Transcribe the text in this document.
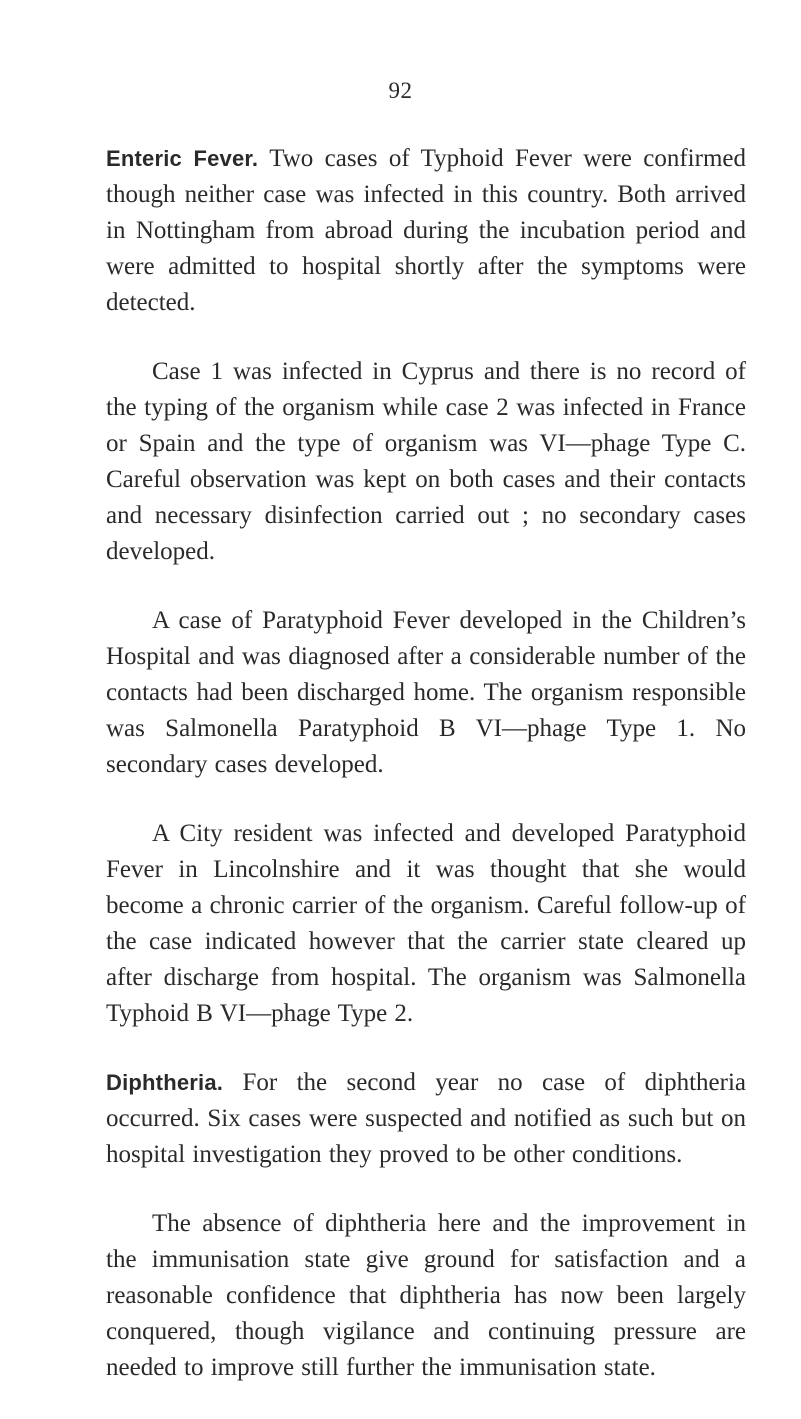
92

Enteric Fever. Two cases of Typhoid Fever were confirmed though neither case was infected in this country. Both arrived in Nottingham from abroad during the incubation period and were admitted to hospital shortly after the symptoms were detected.

Case 1 was infected in Cyprus and there is no record of the typing of the organism while case 2 was infected in France or Spain and the type of organism was VI—phage Type C. Careful observation was kept on both cases and their contacts and necessary disinfection carried out ; no secondary cases developed.

A case of Paratyphoid Fever developed in the Children’s Hospital and was diagnosed after a considerable number of the contacts had been discharged home. The organism responsible was Salmonella Paratyphoid B VI—phage Type 1. No secondary cases developed.

A City resident was infected and developed Paratyphoid Fever in Lincolnshire and it was thought that she would become a chronic carrier of the organism. Careful follow-up of the case indicated however that the carrier state cleared up after discharge from hospital. The organism was Salmonella Typhoid B VI—phage Type 2.

Diphtheria. For the second year no case of diphtheria occurred. Six cases were suspected and notified as such but on hospital investigation they proved to be other conditions.

The absence of diphtheria here and the improvement in the immunisation state give ground for satisfaction and a reasonable confidence that diphtheria has now been largely conquered, though vigilance and continuing pressure are needed to improve still further the immunisation state.
